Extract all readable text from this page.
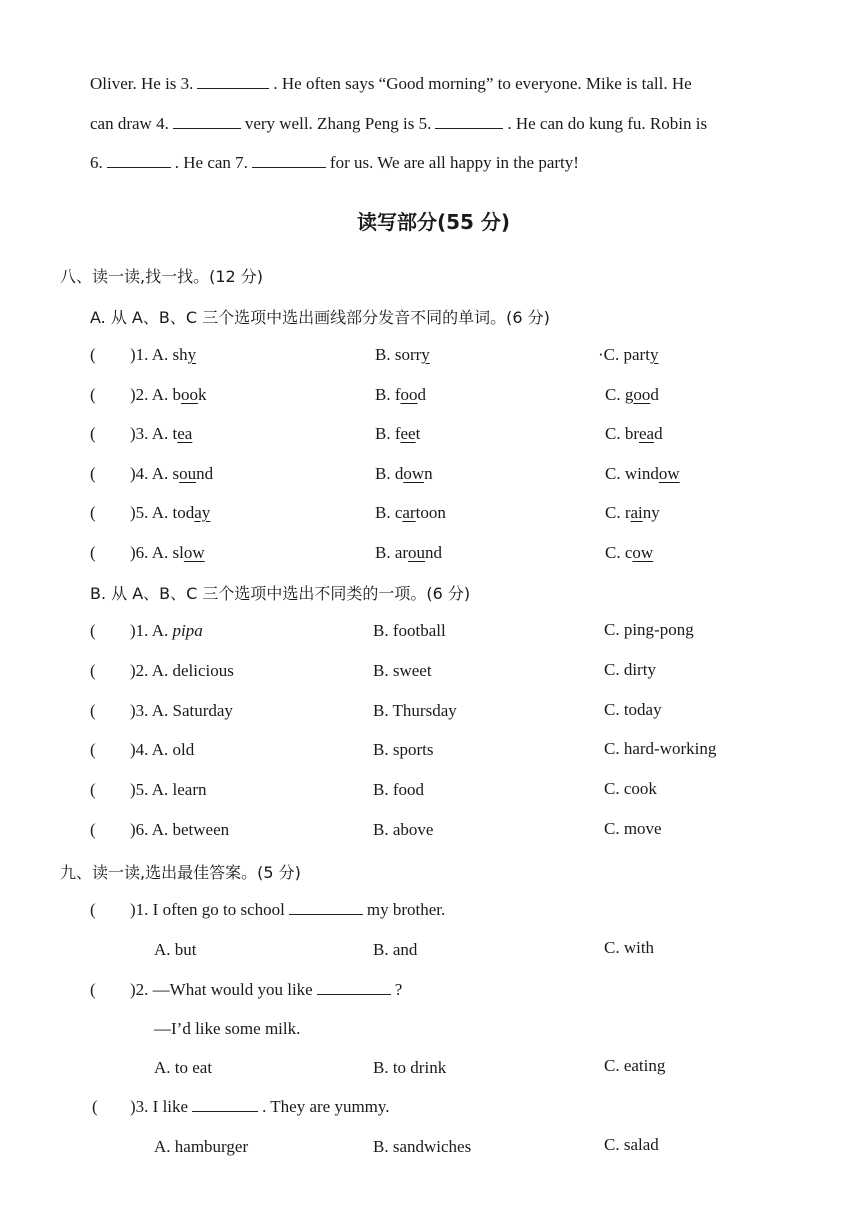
Oliver. He is 3.	. He often says “Good morning” to everyone. Mike is tall. He
can draw 4.	very well. Zhang Peng is 5.	. He can do kung fu. Robin is
6.	. He can 7.	for us. We are all happy in the party!
读写部分(55 分)
八、读一读,找一找。(12 分)
A. 从 A、B、C 三个选项中选出画线部分发音不同的单词。(6 分)
( )1. A. shy	B. sorry	·C. party
( )2. A. book	B. food	C. good
( )3. A. tea	B. feet	C. bread
( )4. A. sound	B. down	C. window
( )5. A. today	B. cartoon	C. rainy
( )6. A. slow	B. around	C. cow
B. 从 A、B、C 三个选项中选出不同类的一项。(6 分)
( )1. A. pipa	B. football	C. ping-pong
( )2. A. delicious	B. sweet	C. dirty
( )3. A. Saturday	B. Thursday	C. today
( )4. A. old	B. sports	C. hard-working
( )5. A. learn	B. food	C. cook
( )6. A. between	B. above	C. move
九、读一读,选出最佳答案。(5 分)
( )1. I often go to school	my brother.
A. but	B. and	C. with
( )2. —What would you like	?
—I’d like some milk.
A. to eat	B. to drink	C. eating
( )3. I like	. They are yummy.
A. hamburger	B. sandwiches	C. salad
